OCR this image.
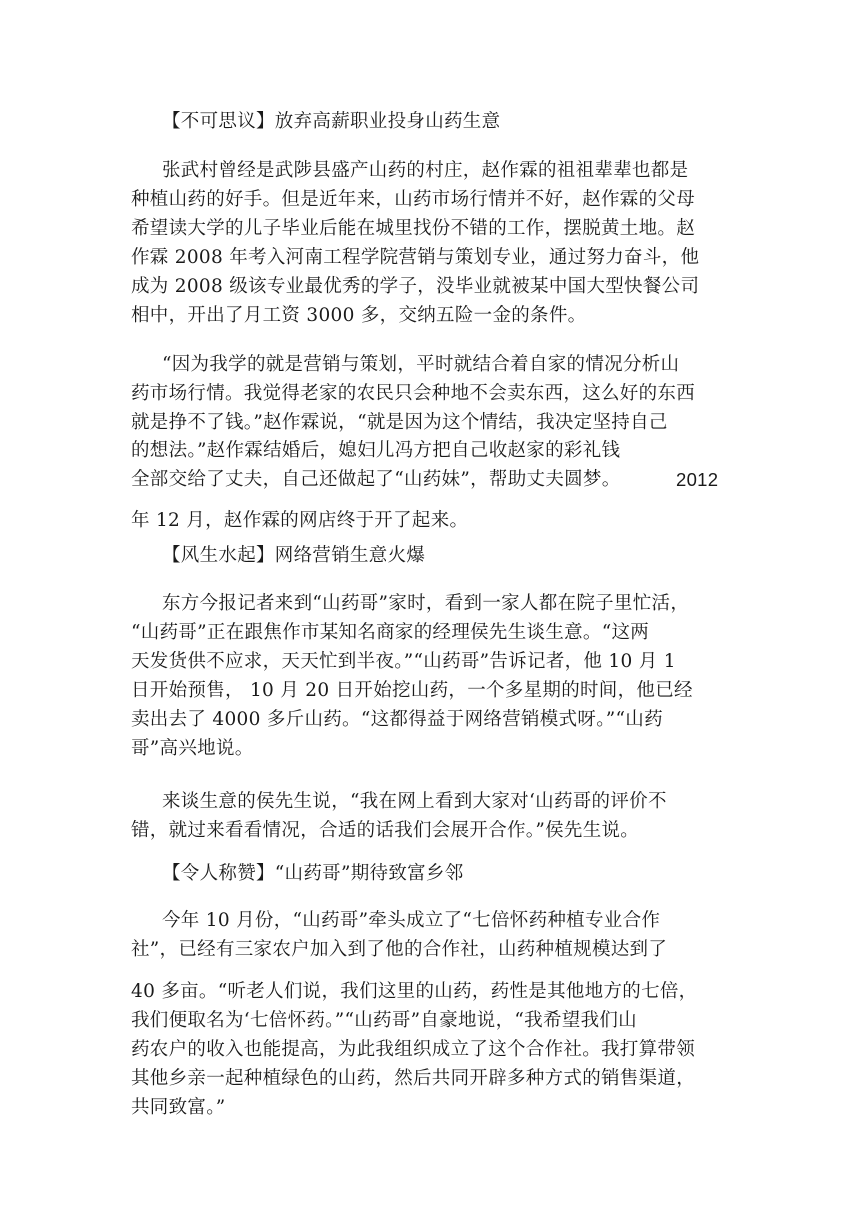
【不可思议】放弃高薪职业投身山药生意
张武村曾经是武陟县盛产山药的村庄，赵作霖的祖祖辈辈也都是
种植山药的好手。但是近年来，山药市场行情并不好，赵作霖的父母
希望读大学的儿子毕业后能在城里找份不错的工作，摆脱黄土地。赵
作霖 2008 年考入河南工程学院营销与策划专业，通过努力奋斗，他
成为 2008 级该专业最优秀的学子，没毕业就被某中国大型快餐公司
相中，开出了月工资 3000 多，交纳五险一金的条件。
“因为我学的就是营销与策划，平时就结合着自家的情况分析山
药市场行情。我觉得老家的农民只会种地不会卖东西，这么好的东西
就是挣不了钱。”赵作霖说，“就是因为这个情结，我决定坚持自己
的想法。”赵作霖结婚后，媳妇儿冯方把自己收赵家的彩礼钱
全部交给了丈夫，自己还做起了“山药妹”，帮助丈夫圆梦。	2012
年 12 月，赵作霖的网店终于开了起来。
【风生水起】网络营销生意火爆
东方今报记者来到“山药哥”家时，看到一家人都在院子里忙活，
“山药哥”正在跟焦作市某知名商家的经理侯先生谈生意。“这两
天发货供不应求，天天忙到半夜。”“山药哥”告诉记者，他 10 月 1
日开始预售， 10 月 20 日开始挖山药，一个多星期的时间，他已经
卖出去了 4000 多斤山药。“这都得益于网络营销模式呀。”“山药
哥”高兴地说。
来谈生意的侯先生说，“我在网上看到大家对‘山药哥的评价不
错，就过来看看情况，合适的话我们会展开合作。”侯先生说。
【令人称赞】“山药哥”期待致富乡邻
今年 10 月份，“山药哥”牵头成立了“七倍怀药种植专业合作
社”，已经有三家农户加入到了他的合作社，山药种植规模达到了
40 多亩。“听老人们说，我们这里的山药，药性是其他地方的七倍，
我们便取名为‘七倍怀药。”“山药哥”自豪地说，“我希望我们山
药农户的收入也能提高，为此我组织成立了这个合作社。我打算带领
其他乡亲一起种植绿色的山药，然后共同开辟多种方式的销售渠道，
共同致富。”
